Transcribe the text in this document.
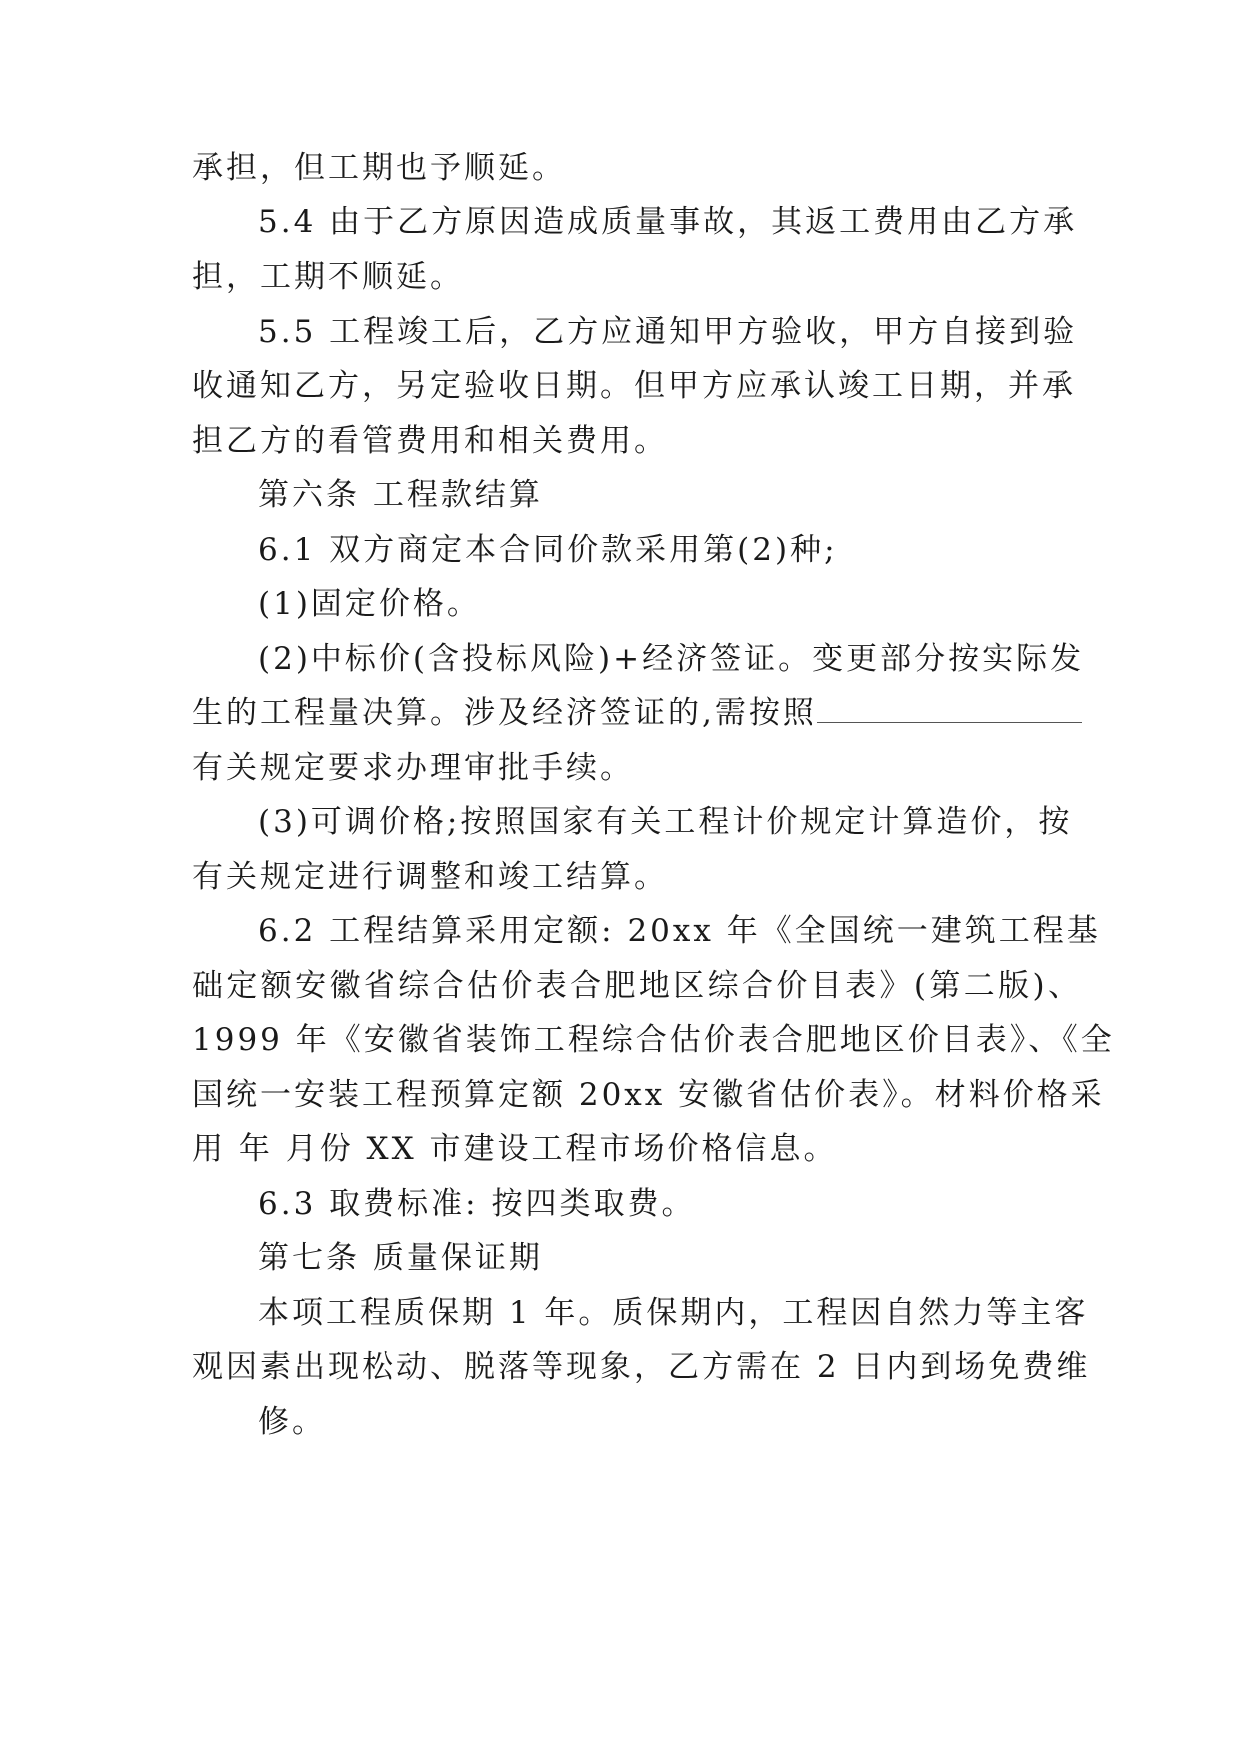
承担，但工期也予顺延。
5.4 由于乙方原因造成质量事故，其返工费用由乙方承
担，工期不顺延。
5.5 工程竣工后，乙方应通知甲方验收，甲方自接到验
收通知乙方，另定验收日期。但甲方应承认竣工日期，并承
担乙方的看管费用和相关费用。
第六条 工程款结算
6.1 双方商定本合同价款采用第(2)种;
(1)固定价格。
(2)中标价(含投标风险)+经济签证。变更部分按实际发
生的工程量决算。涉及经济签证的,需按照
有关规定要求办理审批手续。
(3)可调价格;按照国家有关工程计价规定计算造价，按
有关规定进行调整和竣工结算。
6.2 工程结算采用定额: 20xx 年《全国统一建筑工程基
础定额安徽省综合估价表合肥地区综合价目表》(第二版)、
1999 年《安徽省装饰工程综合估价表合肥地区价目表》、《全
国统一安装工程预算定额 20xx 安徽省估价表》。材料价格采
用 年 月份 XX 市建设工程市场价格信息。
6.3 取费标准: 按四类取费。
第七条 质量保证期
本项工程质保期 1 年。质保期内，工程因自然力等主客
观因素出现松动、脱落等现象，乙方需在 2 日内到场免费维
修。
